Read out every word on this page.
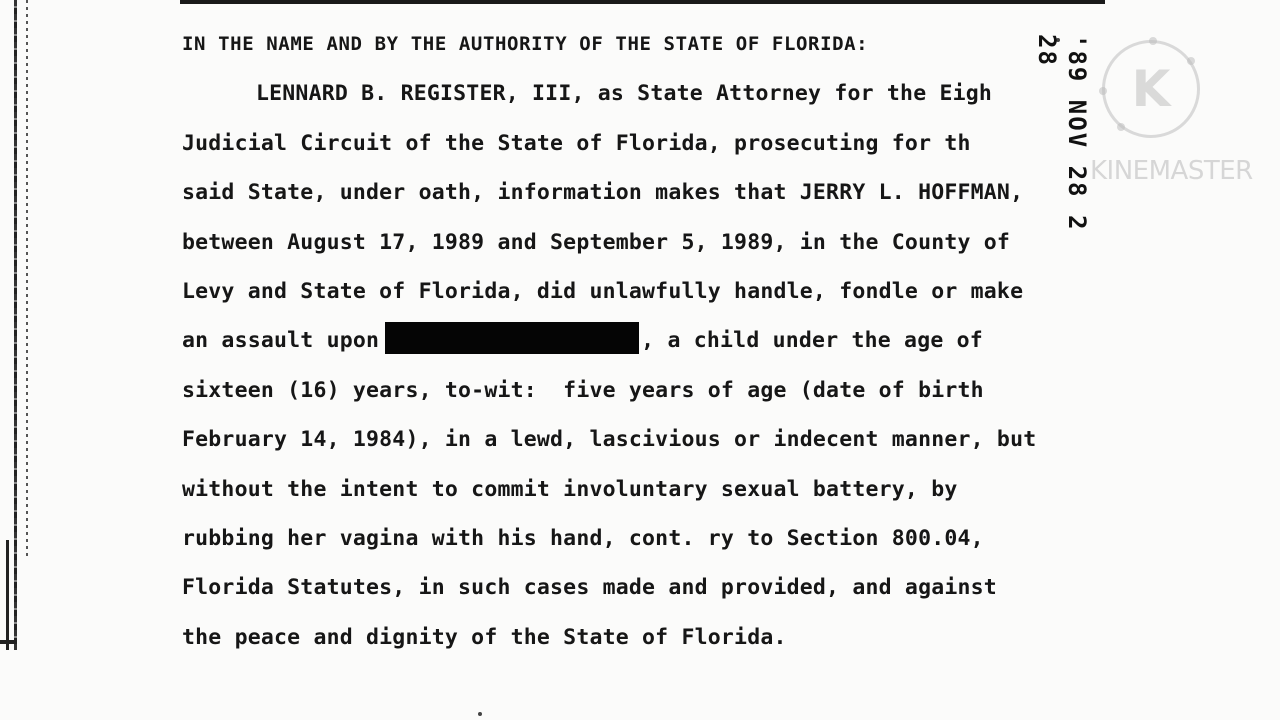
IN THE NAME AND BY THE AUTHORITY OF THE STATE OF FLORIDA:
LENNARD B. REGISTER, III, as State Attorney for the Eigh
Judicial Circuit of the State of Florida, prosecuting for th
said State, under oath, information makes that JERRY L. HOFFMAN,
between August 17, 1989 and September 5, 1989, in the County of
Levy and State of Florida, did unlawfully handle, fondle or make
an assault upon	, a child under the age of
sixteen (16) years, to-wit:  five years of age (date of birth
February 14, 1984), in a lewd, lascivious or indecent manner, but
without the intent to commit involuntary sexual battery, by
rubbing her vagina with his hand, cont. ry to Section 800.04,
Florida Statutes, in such cases made and provided, and against
the peace and dignity of the State of Florida.
'89 NOV 28 2 28
K
KINEMASTER
